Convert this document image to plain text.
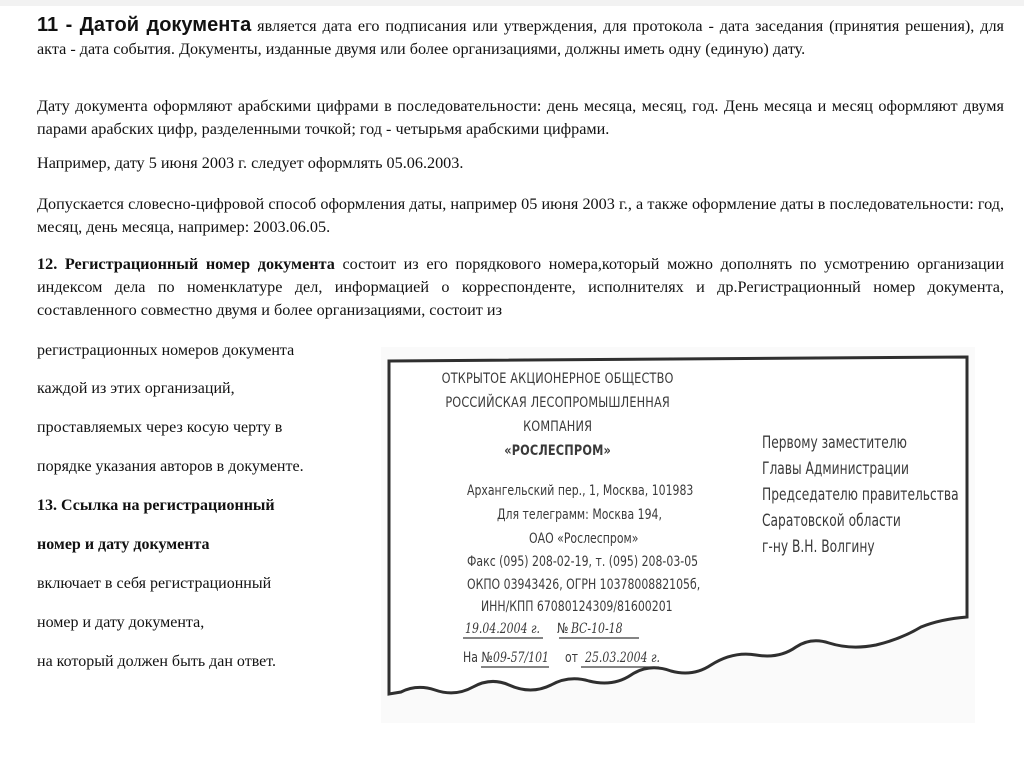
11 - Датой документа является дата его подписания или утверждения, для протокола - дата заседания (принятия решения), для акта - дата события. Документы, изданные двумя или более организациями, должны иметь одну (единую) дату.
Дату документа оформляют арабскими цифрами в последовательности: день месяца, месяц, год. День месяца и месяц оформляют двумя парами арабских цифр, разделенными точкой; год - четырьмя арабскими цифрами.
Например, дату 5 июня 2003 г. следует оформлять 05.06.2003.
Допускается словесно-цифровой способ оформления даты, например 05 июня 2003 г., а также оформление даты в последовательности: год, месяц, день месяца, например: 2003.06.05.
12. Регистрационный номер документа состоит из его порядкового номера,который можно дополнять по усмотрению организации индексом дела по номенклатуре дел, информацией о корреспонденте, исполнителях и др.Регистрационный номер документа, составленного совместно двумя и более организациями, состоит из
регистрационных номеров документа
каждой из этих организаций,
проставляемых через косую черту в
порядке указания авторов в документе.
13. Ссылка на регистрационный
номер и дату документа
включает в себя регистрационный
номер и дату документа,
на который должен быть дан ответ.
ОТКРЫТОЕ АКЦИОНЕРНОЕ ОБЩЕСТВО
РОССИЙСКАЯ ЛЕСОПРОМЫШЛЕННАЯ
КОМПАНИЯ
«РОСЛЕСПРОМ»
Архангельский пер., 1, Москва, 101983
Для телеграмм: Москва 194,
ОАО «Рослеспром»
Факс (095) 208-02-19, т. (095) 208-03-05
ОКПО 03943426, ОГРН 1037800882105б,
ИНН/КПП 67080124309/81600201
19.04.2004 г. № ВС-10-18
На № 09-57/101 от 25.03.2004 г.
Первому заместителю
Главы Администрации
Председателю правительства
Саратовской области
г-ну В.Н. Волгину
